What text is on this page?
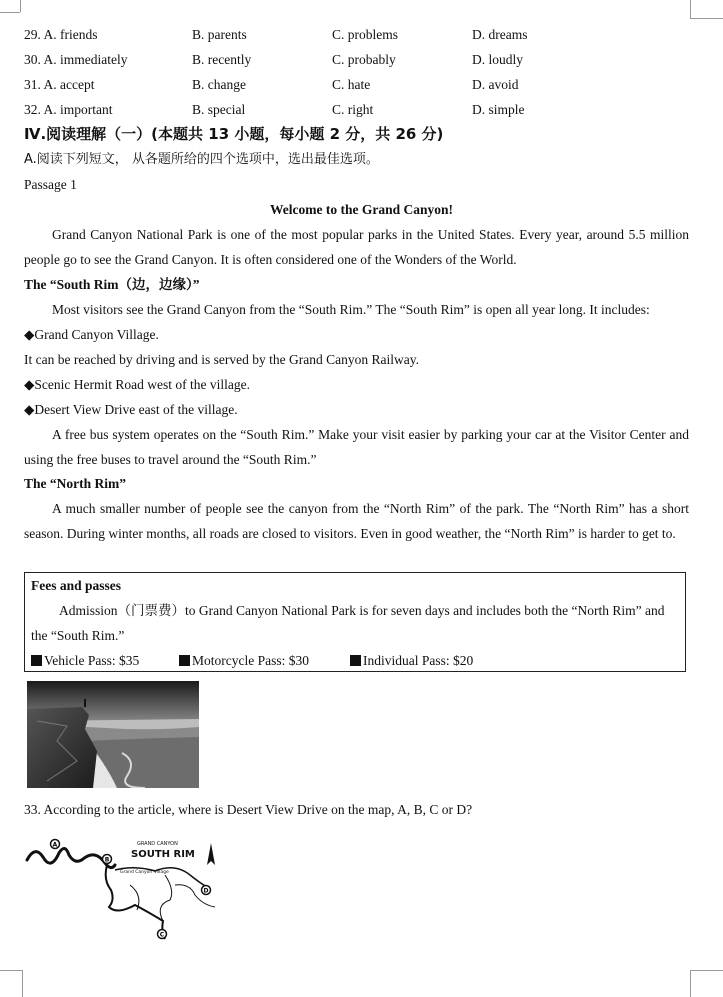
29. A. friends	B. parents	C. problems	D. dreams
30. A. immediately	B. recently	C. probably	D. loudly
31. A. accept	B. change	C. hate	D. avoid
32. A. important	B. special	C. right	D. simple
Ⅳ.阅读理解（一）(本题共 13 小题，每小题 2 分，共 26 分)
A.阅读下列短文， 从各题所给的四个选项中，选出最佳选项。
Passage 1
Welcome to the Grand Canyon!
Grand Canyon National Park is one of the most popular parks in the United States. Every year, around 5.5 million people go to see the Grand Canyon. It is often considered one of the Wonders of the World.
The “South Rim（边，边缘）”
Most visitors see the Grand Canyon from the “South Rim.” The “South Rim” is open all year long. It includes:
◆Grand Canyon Village.
It can be reached by driving and is served by the Grand Canyon Railway.
◆Scenic Hermit Road west of the village.
◆Desert View Drive east of the village.
A free bus system operates on the “South Rim.” Make your visit easier by parking your car at the Visitor Center and using the free buses to travel around the “South Rim.”
The “North Rim”
A much smaller number of people see the canyon from the “North Rim” of the park. The “North Rim” has a short season. During winter months, all roads are closed to visitors. Even in good weather, the “North Rim” is harder to get to.
Fees and passes
Admission（门票费）to Grand Canyon National Park is for seven days and includes both the “North Rim” and the “South Rim.”
Vehicle Pass: $35	Motorcycle Pass: $30	Individual Pass: $20
33. According to the article, where is Desert View Drive on the map, A, B, C or D?
GRAND CANYON
SOUTH RIM
Grand Canyon Village
A
B
C
D
